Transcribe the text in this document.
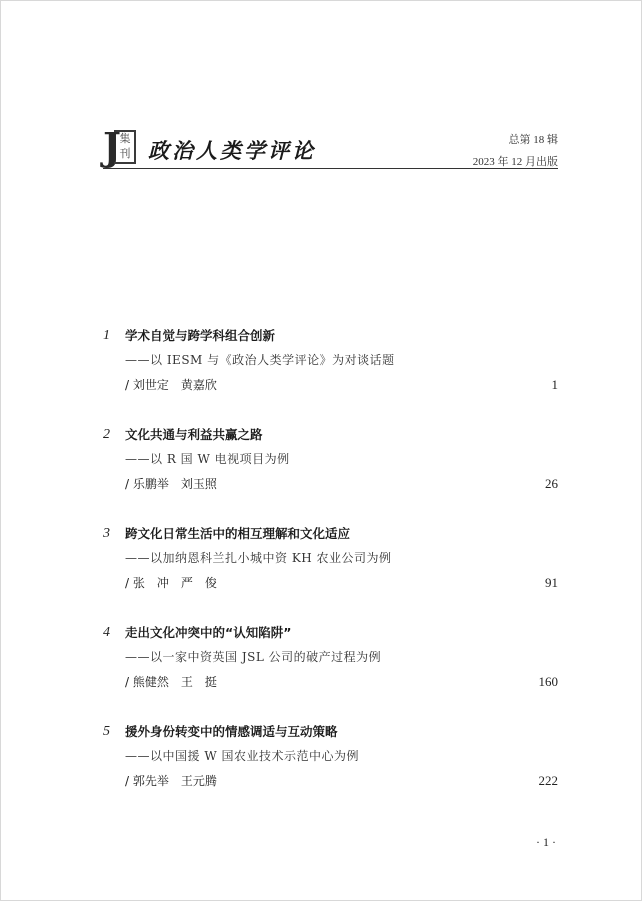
J
集刊 政治人类学评论	总第 18 辑
2023 年 12 月出版
1 学术自觉与跨学科组合创新
——以 IESM 与《政治人类学评论》为对谈话题
/ 刘世定　黄嘉欣	1
2 文化共通与利益共赢之路
——以 R 国 W 电视项目为例
/ 乐鹏举　刘玉照	26
3 跨文化日常生活中的相互理解和文化适应
——以加纳恩科兰扎小城中资 KH 农业公司为例
/ 张　冲　严　俊	91
4 走出文化冲突中的“认知陷阱”
——以一家中资英国 JSL 公司的破产过程为例
/ 熊健然　王　挺	160
5 援外身份转变中的情感调适与互动策略
——以中国援 W 国农业技术示范中心为例
/ 郭先举　王元腾	222
· 1 ·
